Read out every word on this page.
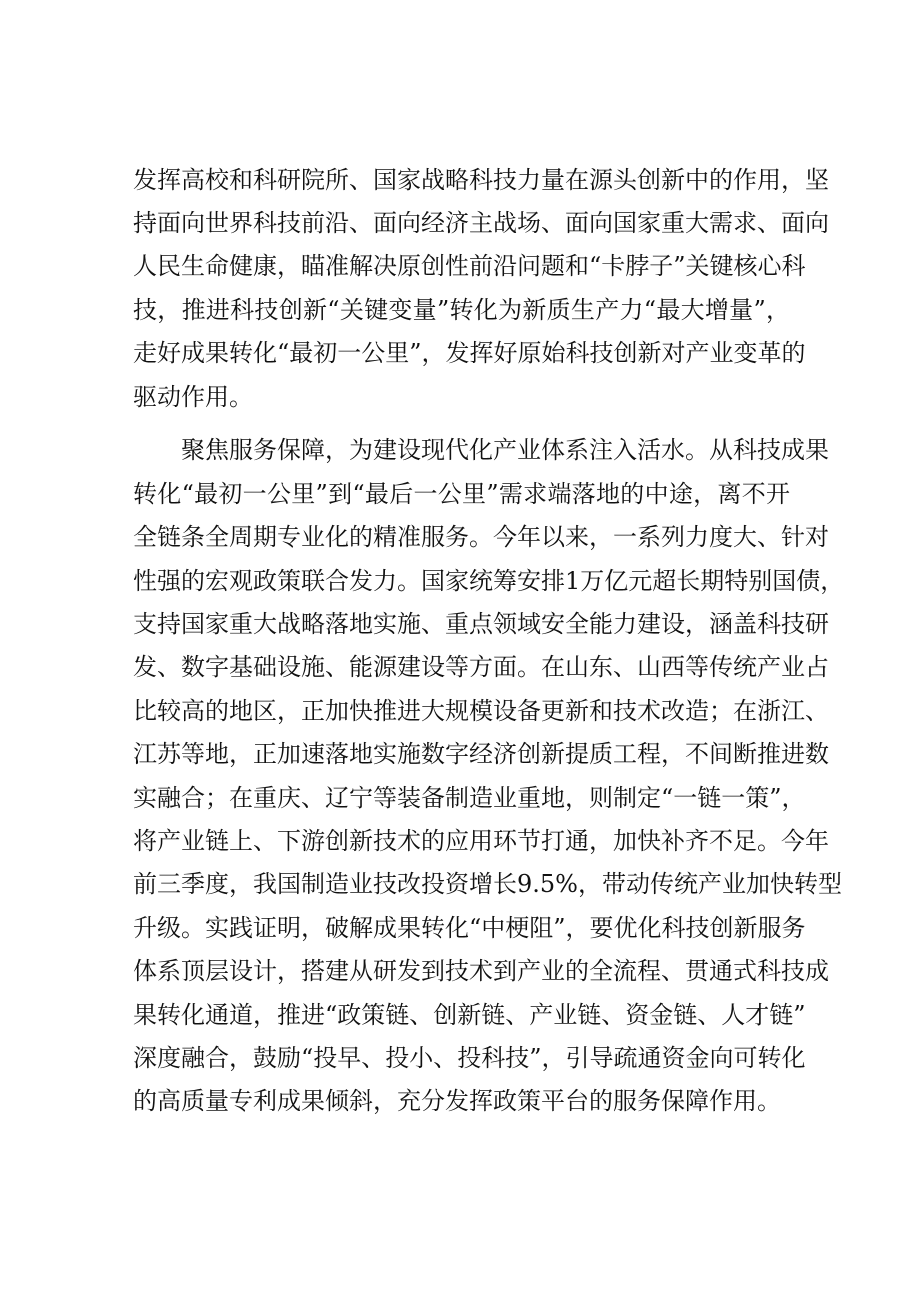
发挥高校和科研院所、国家战略科技力量在源头创新中的作用，坚
持面向世界科技前沿、面向经济主战场、面向国家重大需求、面向
人民生命健康，瞄准解决原创性前沿问题和“卡脖子”关键核心科
技，推进科技创新“关键变量”转化为新质生产力“最大增量”，
走好成果转化“最初一公里”，发挥好原始科技创新对产业变革的
驱动作用。
聚焦服务保障，为建设现代化产业体系注入活水。从科技成果
转化“最初一公里”到“最后一公里”需求端落地的中途，离不开
全链条全周期专业化的精准服务。今年以来，一系列力度大、针对
性强的宏观政策联合发力。国家统筹安排1万亿元超长期特别国债，
支持国家重大战略落地实施、重点领域安全能力建设，涵盖科技研
发、数字基础设施、能源建设等方面。在山东、山西等传统产业占
比较高的地区，正加快推进大规模设备更新和技术改造；在浙江、
江苏等地，正加速落地实施数字经济创新提质工程，不间断推进数
实融合；在重庆、辽宁等装备制造业重地，则制定“一链一策”，
将产业链上、下游创新技术的应用环节打通，加快补齐不足。今年
前三季度，我国制造业技改投资增长9.5%，带动传统产业加快转型
升级。实践证明，破解成果转化“中梗阻”，要优化科技创新服务
体系顶层设计，搭建从研发到技术到产业的全流程、贯通式科技成
果转化通道，推进“政策链、创新链、产业链、资金链、人才链”
深度融合，鼓励“投早、投小、投科技”，引导疏通资金向可转化
的高质量专利成果倾斜，充分发挥政策平台的服务保障作用。
